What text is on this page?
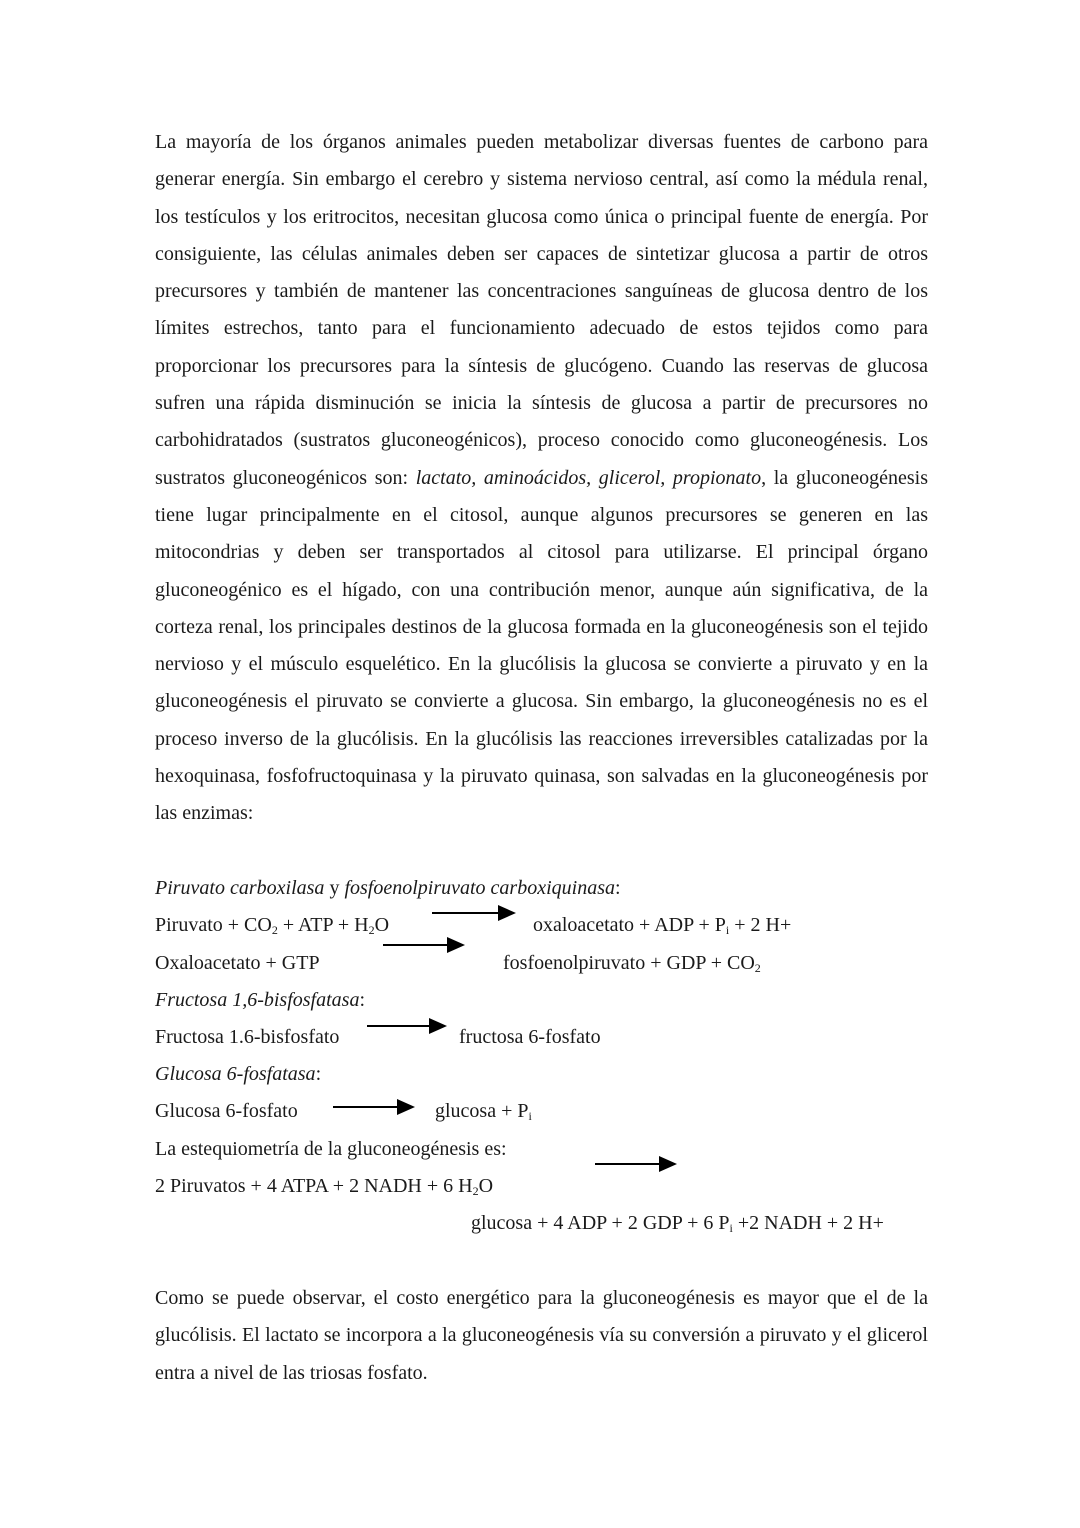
La mayoría de los órganos animales pueden metabolizar diversas fuentes de carbono para generar energía. Sin embargo el cerebro y sistema nervioso central, así como la médula renal, los testículos y los eritrocitos, necesitan glucosa como única o principal fuente de energía. Por consiguiente, las células animales deben ser capaces de sintetizar glucosa a partir de otros precursores y también de mantener las concentraciones sanguíneas de glucosa dentro de los límites estrechos, tanto para el funcionamiento adecuado de estos tejidos como para proporcionar los precursores para la síntesis de glucógeno. Cuando las reservas de glucosa sufren una rápida disminución se inicia la síntesis de glucosa a partir de precursores no carbohidratados (sustratos gluconeogénicos), proceso conocido como gluconeogénesis. Los sustratos gluconeogénicos son: lactato, aminoácidos, glicerol, propionato, la gluconeogénesis tiene lugar principalmente en el citosol, aunque algunos precursores se generen en las mitocondrias y deben ser transportados al citosol para utilizarse. El principal órgano gluconeogénico es el hígado, con una contribución menor, aunque aún significativa, de la corteza renal, los principales destinos de la glucosa formada en la gluconeogénesis son el tejido nervioso y el músculo esquelético. En la glucólisis la glucosa se convierte a piruvato y en la gluconeogénesis el piruvato se convierte a glucosa. Sin embargo, la gluconeogénesis no es el proceso inverso de la glucólisis. En la glucólisis las reacciones irreversibles catalizadas por la hexoquinasa, fosfofructoquinasa y la piruvato quinasa, son salvadas en la gluconeogénesis por las enzimas:

Piruvato carboxilasa y fosfoenolpiruvato carboxiquinasa:
Piruvato + $CO_2$ + ATP + $H_2O$	oxaloacetato + ADP + $P_i + 2$ H+
Oxaloacetato + GTP	fosfoenolpiruvato + GDP + $CO_2$
Fructosa 1,6-bisfosfatasa:
Fructosa 1.6-bisfosfato	fructosa 6-fosfato
Glucosa 6-fosfatasa:
Glucosa 6-fosfato	$glucosa + P_i$
La estequiometría de la gluconeogénesis es:
2 Piruvatos + 4 ATPA + 2 NADH + 6 $H_2O$
glucosa + 4 ADP + 2 GDP + 6 $P_i +2$ NADH + 2 H+

Como se puede observar, el costo energético para la gluconeogénesis es mayor que el de la glucólisis. El lactato se incorpora a la gluconeogénesis vía su conversión a piruvato y el glicerol entra a nivel de las triosas fosfato.
